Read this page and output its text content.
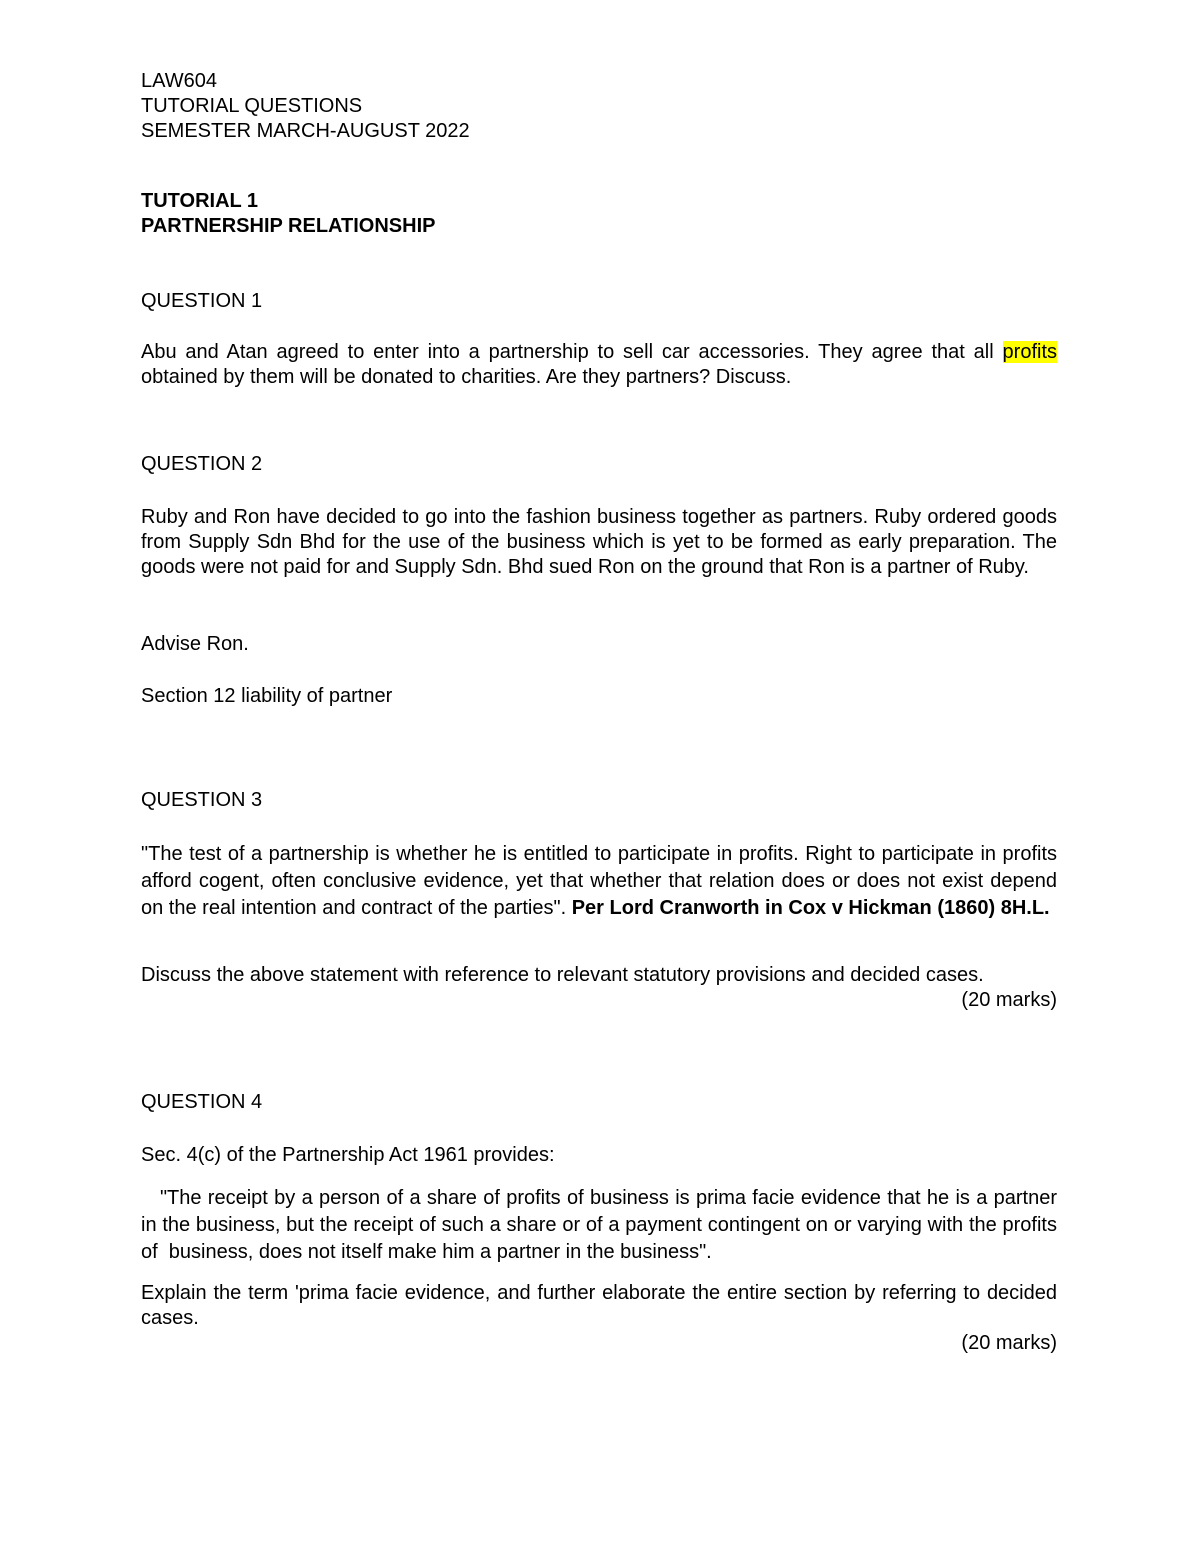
LAW604
TUTORIAL QUESTIONS
SEMESTER MARCH-AUGUST 2022
TUTORIAL 1
PARTNERSHIP RELATIONSHIP
QUESTION 1

Abu and Atan agreed to enter into a partnership to sell car accessories. They agree that all profits obtained by them will be donated to charities. Are they partners? Discuss.

QUESTION 2

Ruby and Ron have decided to go into the fashion business together as partners. Ruby ordered goods from Supply Sdn Bhd for the use of the business which is yet to be formed as early preparation. The goods were not paid for and Supply Sdn. Bhd sued Ron on the ground that Ron is a partner of Ruby.

Advise Ron.
Section 12 liability of partner
QUESTION 3

"The test of a partnership is whether he is entitled to participate in profits. Right to participate in profits afford cogent, often conclusive evidence, yet that whether that relation does or does not exist depend on the real intention and contract of the parties". Per Lord Cranworth in Cox v Hickman (1860) 8H.L.

Discuss the above statement with reference to relevant statutory provisions and decided cases.
(20 marks)
QUESTION 4
Sec. 4(c) of the Partnership Act 1961 provides:

"The receipt by a person of a share of profits of business is prima facie evidence that he is a partner in the business, but the receipt of such a share or of a payment contingent on or varying with the profits of  business, does not itself make him a partner in the business".

Explain the term 'prima facie evidence, and further elaborate the entire section by referring to decided cases.

(20 marks)
